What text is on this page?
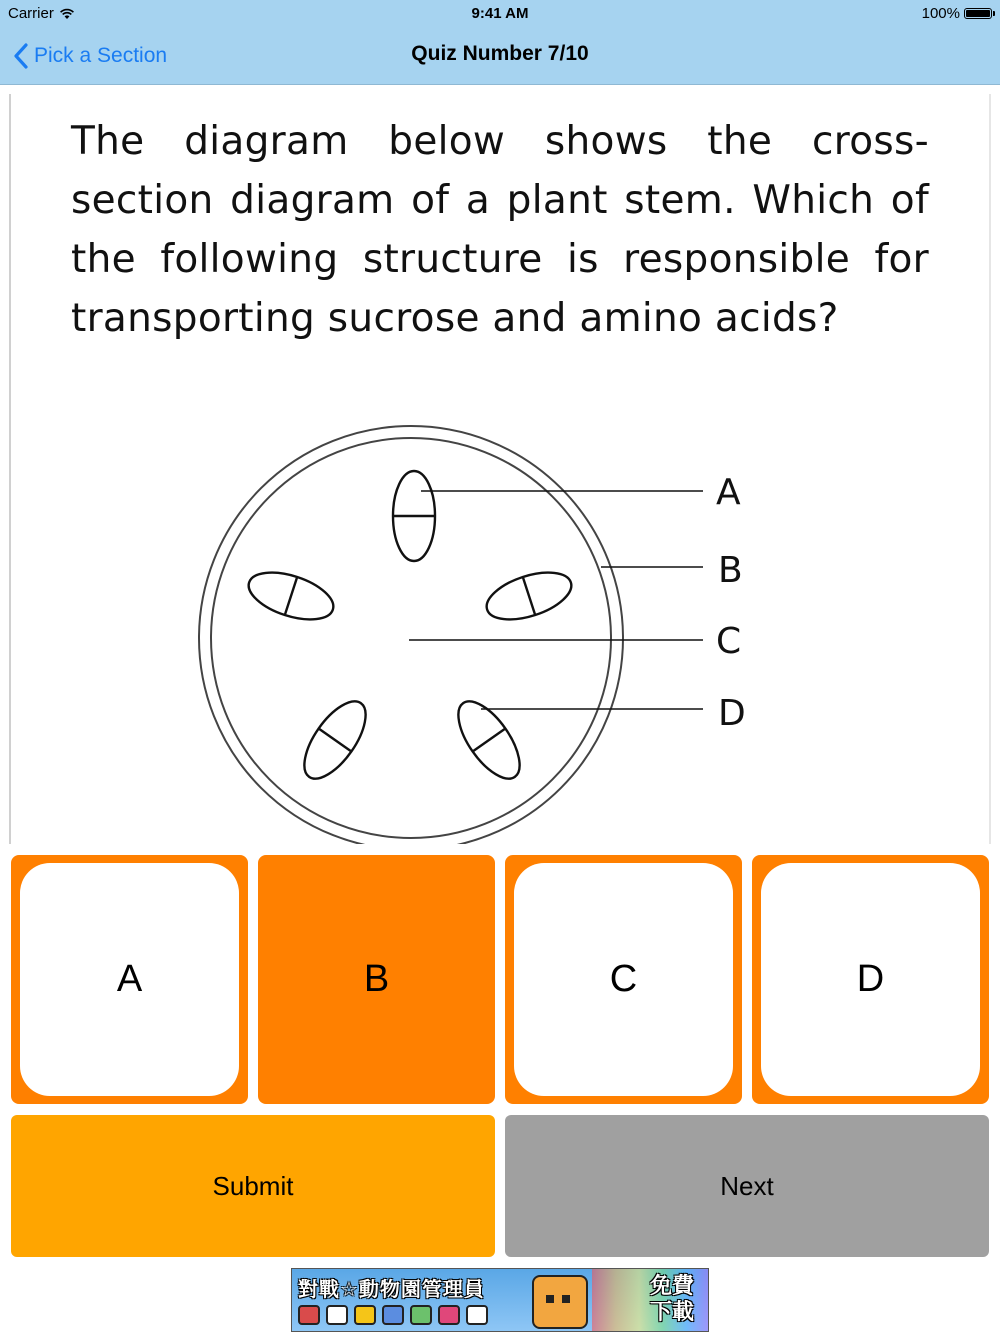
Carrier	9:41 AM	100%
Pick a Section	Quiz Number 7/10
The diagram below shows the cross-section diagram of a plant stem. Which of the following structure is responsible for transporting sucrose and amino acids?
A
B
C
D
A	B	C	D
Submit	Next
對戰☆動物園管理員	免費下載
